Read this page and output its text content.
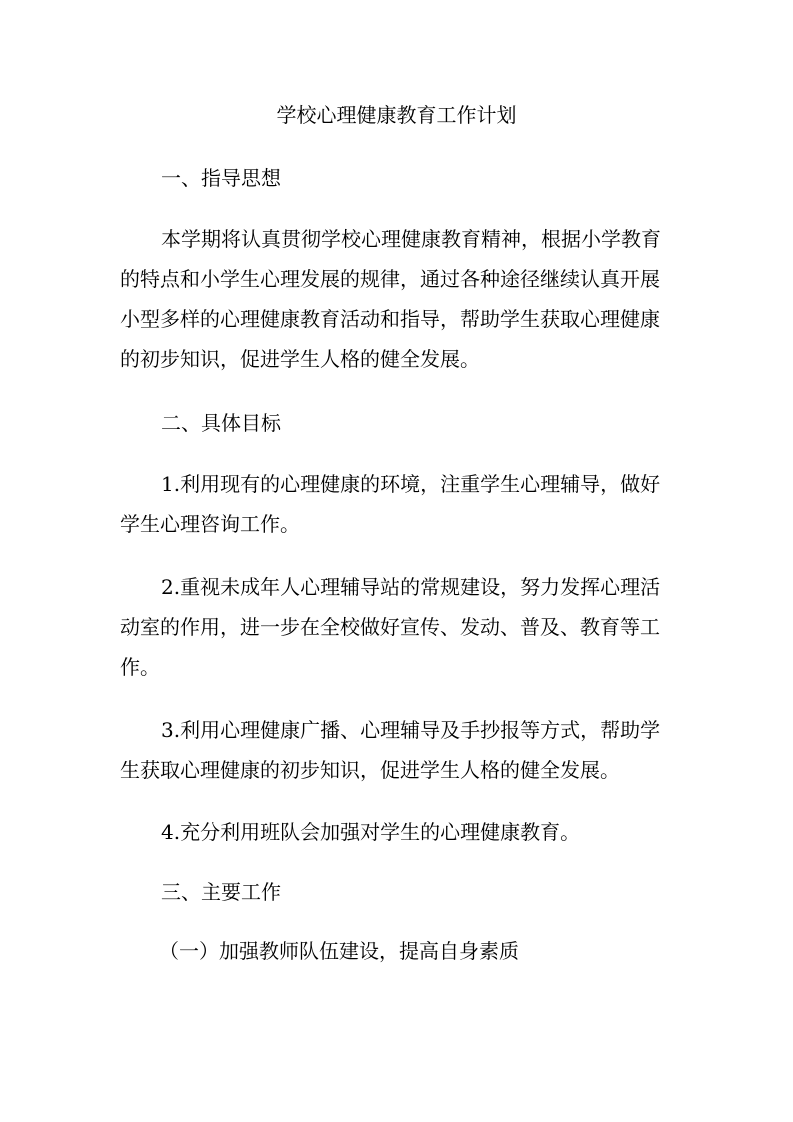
学校心理健康教育工作计划

一、指导思想

本学期将认真贯彻学校心理健康教育精神，根据小学教育

的特点和小学生心理发展的规律，通过各种途径继续认真开展

小型多样的心理健康教育活动和指导，帮助学生获取心理健康

的初步知识，促进学生人格的健全发展。

二、具体目标

1.利用现有的心理健康的环境，注重学生心理辅导，做好

学生心理咨询工作。

2.重视未成年人心理辅导站的常规建设，努力发挥心理活

动室的作用，进一步在全校做好宣传、发动、普及、教育等工

作。

3.利用心理健康广播、心理辅导及手抄报等方式，帮助学

生获取心理健康的初步知识，促进学生人格的健全发展。

4.充分利用班队会加强对学生的心理健康教育。

三、主要工作

（一）加强教师队伍建设，提高自身素质
